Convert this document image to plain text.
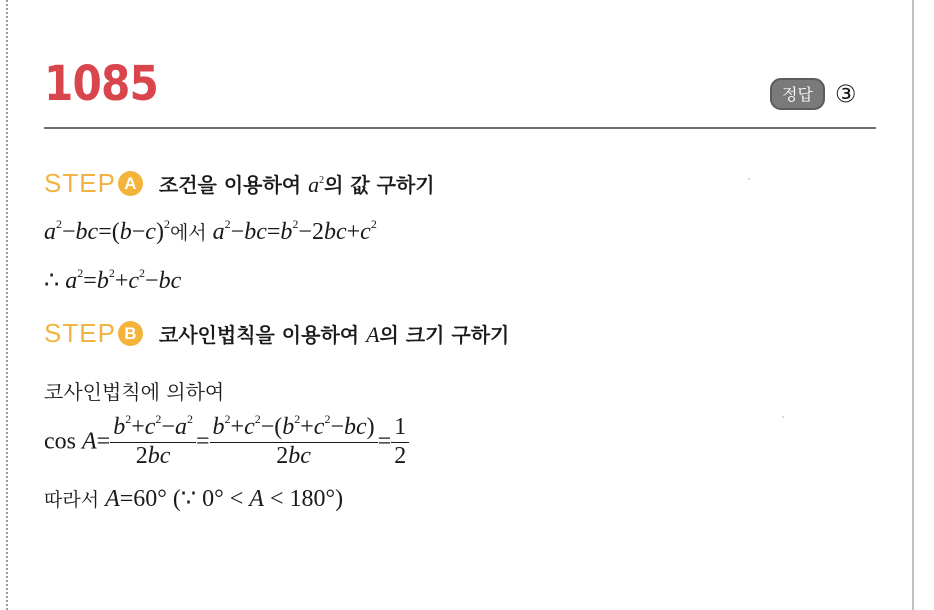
1085	정답 ③
STEP A	조건을 이용하여 $a^2$의 값 구하기
$a^2-bc=(b-c)^2$에서 $a^2-bc=b^2-2bc+c^2$
∴ $a^2=b^2+c^2-bc$
STEP B	코사인법칙을 이용하여 A의 크기 구하기
코사인법칙에 의하여
$\cos A= \frac{b^2+c^2-a^2}{2bc} = \frac{b^2+c^2-(b^2+c^2-bc)}{2bc} = \frac{1}{2}$
따라서 A=60° (∵ 0° < A < 180°)
